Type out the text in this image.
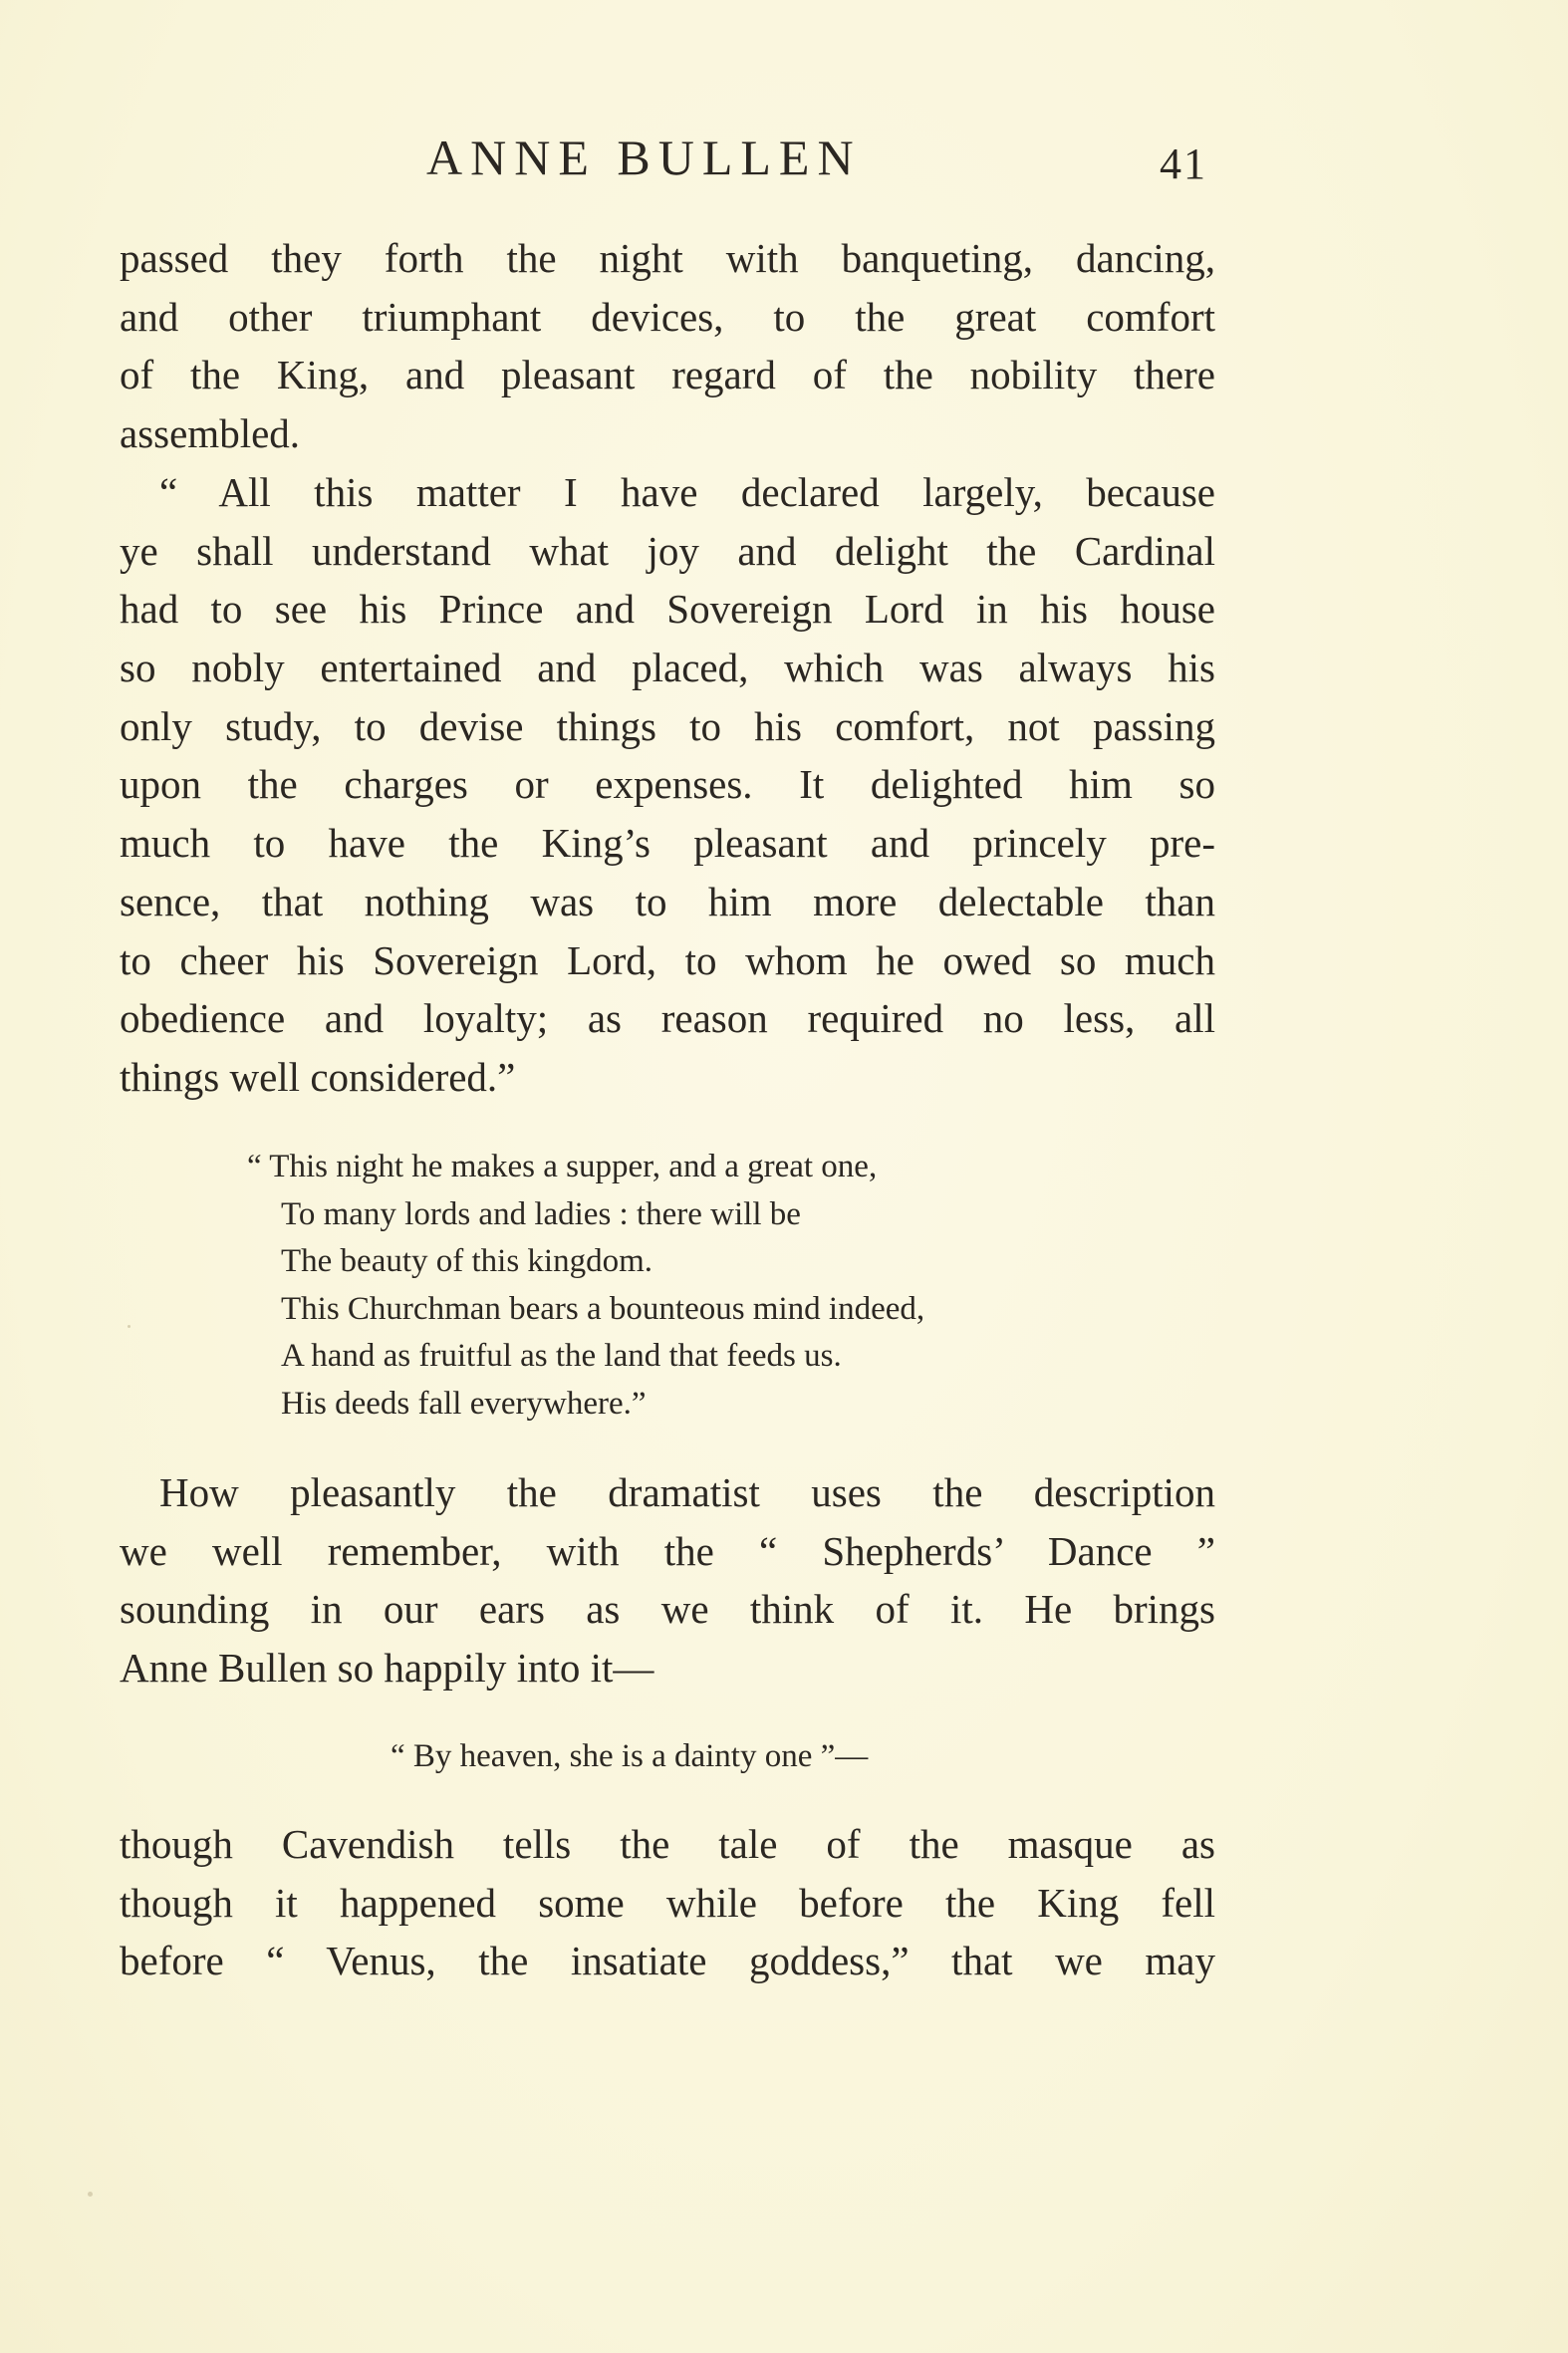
ANNE BULLEN	41
passed they forth the night with banqueting, dancing,
and other triumphant devices, to the great comfort
of the King, and pleasant regard of the nobility there
assembled.
“ All this matter I have declared largely, because
ye shall understand what joy and delight the Cardinal
had to see his Prince and Sovereign Lord in his house
so nobly entertained and placed, which was always his
only study, to devise things to his comfort, not passing
upon the charges or expenses. It delighted him so
much to have the King’s pleasant and princely pre-
sence, that nothing was to him more delectable than
to cheer his Sovereign Lord, to whom he owed so much
obedience and loyalty; as reason required no less, all
things well considered.”
“ This night he makes a supper, and a great one,
To many lords and ladies : there will be
The beauty of this kingdom.
This Churchman bears a bounteous mind indeed,
A hand as fruitful as the land that feeds us.
His deeds fall everywhere.”
How pleasantly the dramatist uses the description
we well remember, with the “ Shepherds’ Dance ”
sounding in our ears as we think of it. He brings
Anne Bullen so happily into it—
“ By heaven, she is a dainty one ”—
though Cavendish tells the tale of the masque as
though it happened some while before the King fell
before “ Venus, the insatiate goddess,” that we may
